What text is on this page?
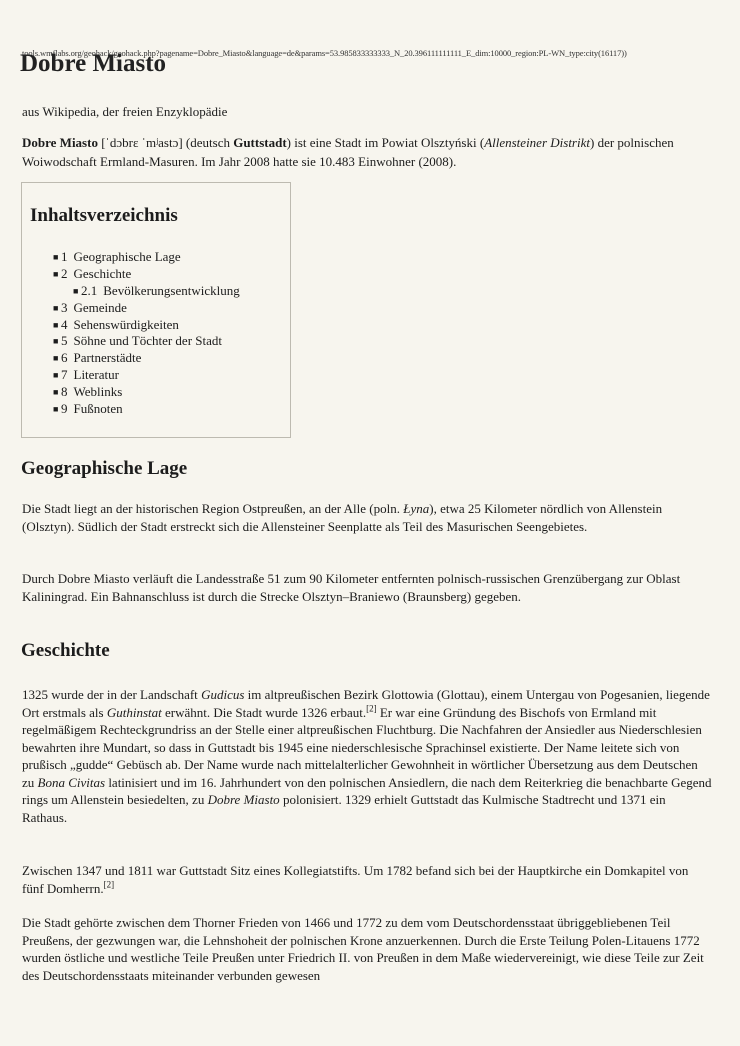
tools.wmflabs.org/geohack/geohack.php?pagename=Dobre_Miasto&language=de&params=53.985833333333_N_20.396111111111_E_dim:10000_region:PL-WN_type:city(16117))
Dobre Miasto

aus Wikipedia, der freien Enzyklopädie

Dobre Miasto [ˈdɔbrɛ ˈmʲastɔ] (deutsch Guttstadt) ist eine Stadt im Powiat Olsztyński (Allensteiner Distrikt) der polnischen Woiwodschaft Ermland-Masuren. Im Jahr 2008 hatte sie 10.483 Einwohner (2008).

Inhaltsverzeichnis
■ 1 Geographische Lage
■ 2 Geschichte
■ 2.1 Bevölkerungsentwicklung
■ 3 Gemeinde
■ 4 Sehenswürdigkeiten
■ 5 Söhne und Töchter der Stadt
■ 6 Partnerstädte
■ 7 Literatur
■ 8 Weblinks
■ 9 Fußnoten
Geographische Lage

Die Stadt liegt an der historischen Region Ostpreußen, an der Alle (poln. Łyna), etwa 25 Kilometer nördlich von Allenstein (Olsztyn). Südlich der Stadt erstreckt sich die Allensteiner Seenplatte als Teil des Masurischen Seengebietes.

Durch Dobre Miasto verläuft die Landesstraße 51 zum 90 Kilometer entfernten polnisch-russischen Grenzübergang zur Oblast Kaliningrad. Ein Bahnanschluss ist durch die Strecke Olsztyn–Braniewo (Braunsberg) gegeben.

Geschichte

1325 wurde der in der Landschaft Gudicus im altpreußischen Bezirk Glottowia (Glottau), einem Untergau von Pogesanien, liegende Ort erstmals als Guthinstat erwähnt. Die Stadt wurde 1326 erbaut.[2] Er war eine Gründung des Bischofs von Ermland mit regelmäßigem Rechteckgrundriss an der Stelle einer altpreußischen Fluchtburg. Die Nachfahren der Ansiedler aus Niederschlesien bewahrten ihre Mundart, so dass in Guttstadt bis 1945 eine niederschlesische Sprachinsel existierte. Der Name leitete sich von prußisch „gudde“ Gebüsch ab. Der Name wurde nach mittelalterlicher Gewohnheit in wörtlicher Übersetzung aus dem Deutschen zu Bona Civitas latinisiert und im 16. Jahrhundert von den polnischen Ansiedlern, die nach dem Reiterkrieg die benachbarte Gegend rings um Allenstein besiedelten, zu Dobre Miasto polonisiert. 1329 erhielt Guttstadt das Kulmische Stadtrecht und 1371 ein Rathaus.

Zwischen 1347 und 1811 war Guttstadt Sitz eines Kollegiatstifts. Um 1782 befand sich bei der Hauptkirche ein Domkapitel von fünf Domherrn.[2]

Die Stadt gehörte zwischen dem Thorner Frieden von 1466 und 1772 zu dem vom Deutschordensstaat übriggebliebenen Teil Preußens, der gezwungen war, die Lehnshoheit der polnischen Krone anzuerkennen. Durch die Erste Teilung Polen-Litauens 1772 wurden östliche und westliche Teile Preußen unter Friedrich II. von Preußen in dem Maße wiedervereinigt, wie diese Teile zur Zeit des Deutschordensstaats miteinander verbunden gewesen
